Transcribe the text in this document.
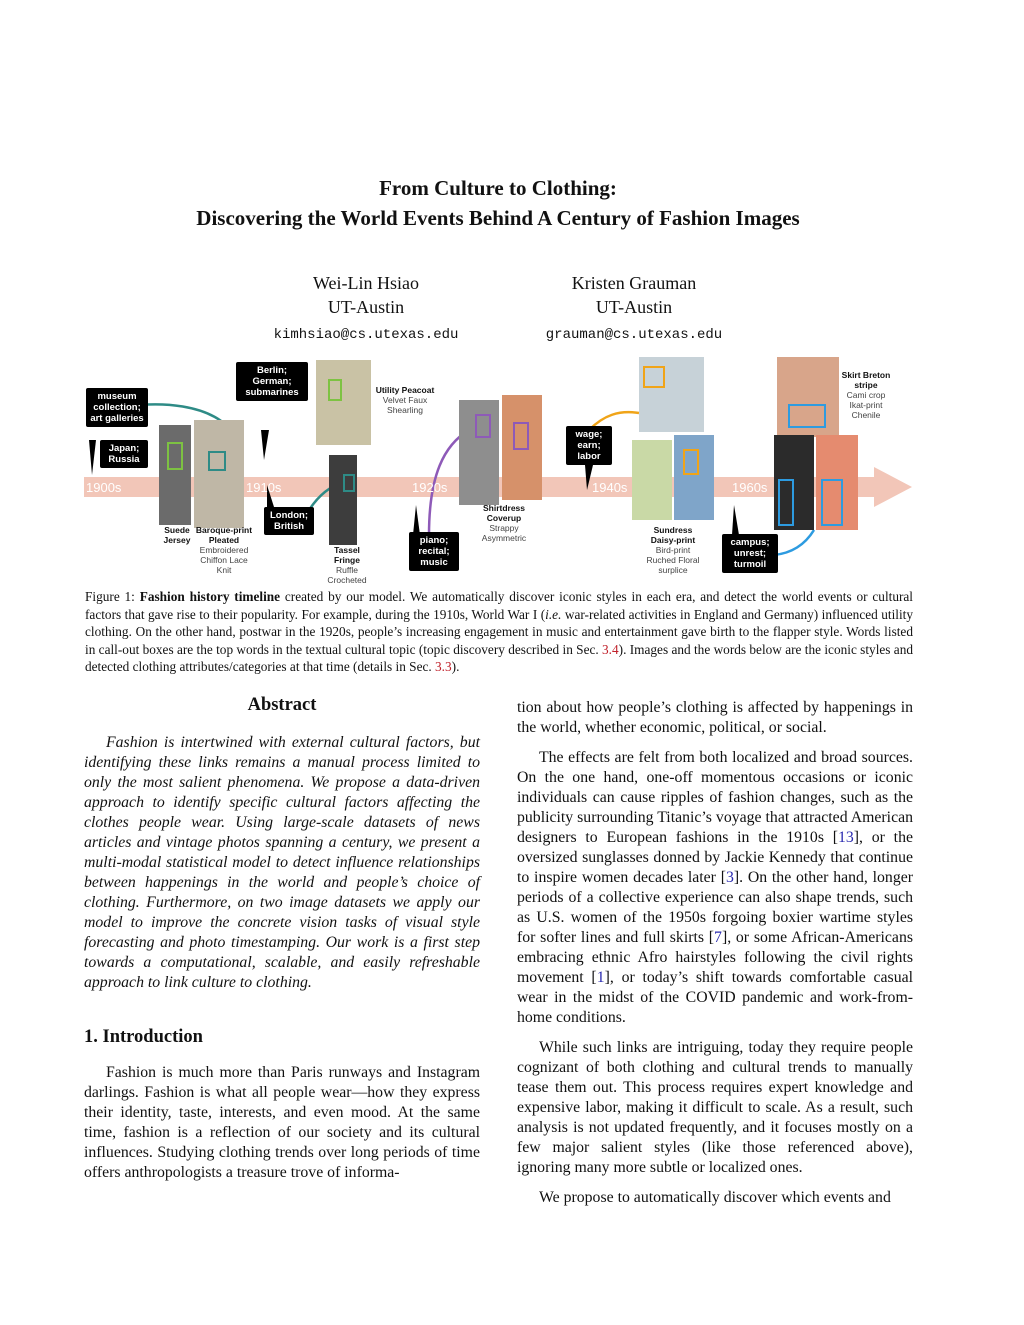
From Culture to Clothing:
Discovering the World Events Behind A Century of Fashion Images
Wei-Lin Hsiao
UT-Austin
kimhsiao@cs.utexas.edu
Kristen Grauman
UT-Austin
grauman@cs.utexas.edu
1900s	1910s	1920s	1940s	1960s
museum collection; art galleries
Japan; Russia
Berlin; German; submarines
London; British
piano; recital; music
wage; earn; labor
campus; unrest; turmoil
Suede Jersey
Baroque-print Pleated
Embroidered Chiffon Lace Knit
Utility Peacoat
Velvet Faux Shearling
Tassel Fringe
Ruffle Crocheted
Shirtdress Coverup
Strappy Asymmetric
Sundress Daisy-print
Bird-print Ruched Floral surplice
Skirt Breton stripe
Cami crop Ikat-print Chenile
Figure 1: Fashion history timeline created by our model. We automatically discover iconic styles in each era, and detect the world events or cultural factors that gave rise to their popularity. For example, during the 1910s, World War I (i.e. war-related activities in England and Germany) influenced utility clothing. On the other hand, postwar in the 1920s, people’s increasing engagement in music and entertainment gave birth to the flapper style. Words listed in call-out boxes are the top words in the textual cultural topic (topic discovery described in Sec. 3.4). Images and the words below are the iconic styles and detected clothing attributes/categories at that time (details in Sec. 3.3).
Abstract

Fashion is intertwined with external cultural factors, but identifying these links remains a manual process limited to only the most salient phenomena. We propose a data-driven approach to identify specific cultural factors affecting the clothes people wear. Using large-scale datasets of news articles and vintage photos spanning a century, we present a multi-modal statistical model to detect influence relationships between happenings in the world and people’s choice of clothing. Furthermore, on two image datasets we apply our model to improve the concrete vision tasks of visual style forecasting and photo timestamping. Our work is a first step towards a computational, scalable, and easily refreshable approach to link culture to clothing.

1. Introduction

Fashion is much more than Paris runways and Instagram darlings. Fashion is what all people wear—how they express their identity, taste, interests, and even mood. At the same time, fashion is a reflection of our society and its cultural influences. Studying clothing trends over long periods of time offers anthropologists a treasure trove of informa-

tion about how people’s clothing is affected by happenings in the world, whether economic, political, or social.

The effects are felt from both localized and broad sources. On the one hand, one-off momentous occasions or iconic individuals can cause ripples of fashion changes, such as the publicity surrounding Titanic’s voyage that attracted American designers to European fashions in the 1910s [13], or the oversized sunglasses donned by Jackie Kennedy that continue to inspire women decades later [3]. On the other hand, longer periods of a collective experience can also shape trends, such as U.S. women of the 1950s forgoing boxier wartime styles for softer lines and full skirts [7], or some African-Americans embracing ethnic Afro hairstyles following the civil rights movement [1], or today’s shift towards comfortable casual wear in the midst of the COVID pandemic and work-from-home conditions.

While such links are intriguing, today they require people cognizant of both clothing and cultural trends to manually tease them out. This process requires expert knowledge and expensive labor, making it difficult to scale. As a result, such analysis is not updated frequently, and it focuses mostly on a few major salient styles (like those referenced above), ignoring many more subtle or localized ones.

We propose to automatically discover which events and
